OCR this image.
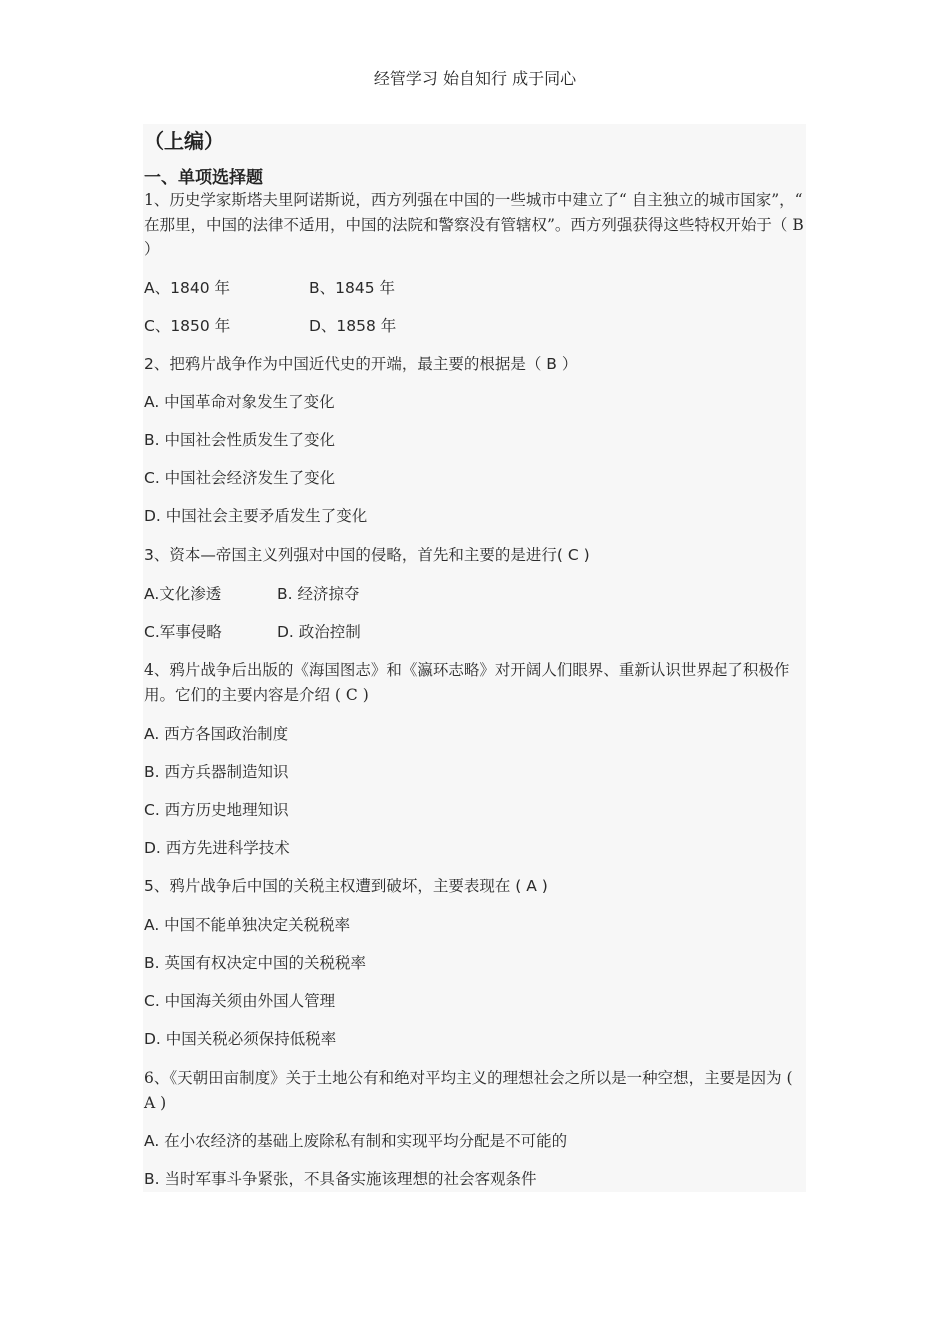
经管学习 始自知行 成于同心
（上编）
一、单项选择题
1、历史学家斯塔夫里阿诺斯说，西方列强在中国的一些城市中建立了“ 自主独立的城市国家”，“ 在那里，中国的法律不适用，中国的法院和警察没有管辖权”。西方列强获得这些特权开始于（ B ）
A、1840 年	B、1845 年
C、1850 年	D、1858 年
2、把鸦片战争作为中国近代史的开端，最主要的根据是（ B ）
A. 中国革命对象发生了变化
B. 中国社会性质发生了变化
C. 中国社会经济发生了变化
D. 中国社会主要矛盾发生了变化
3、资本—帝国主义列强对中国的侵略，首先和主要的是进行( C )
A.文化渗透	B. 经济掠夺
C.军事侵略	D. 政治控制
4、鸦片战争后出版的《海国图志》和《瀛环志略》对开阔人们眼界、重新认识世界起了积极作用。它们的主要内容是介绍 ( C )
A. 西方各国政治制度
B. 西方兵器制造知识
C. 西方历史地理知识
D. 西方先进科学技术
5、鸦片战争后中国的关税主权遭到破坏，主要表现在 ( A )
A. 中国不能单独决定关税税率
B. 英国有权决定中国的关税税率
C. 中国海关须由外国人管理
D. 中国关税必须保持低税率
6、《天朝田亩制度》关于土地公有和绝对平均主义的理想社会之所以是一种空想，主要是因为 ( A )
A. 在小农经济的基础上废除私有制和实现平均分配是不可能的
B. 当时军事斗争紧张，不具备实施该理想的社会客观条件
